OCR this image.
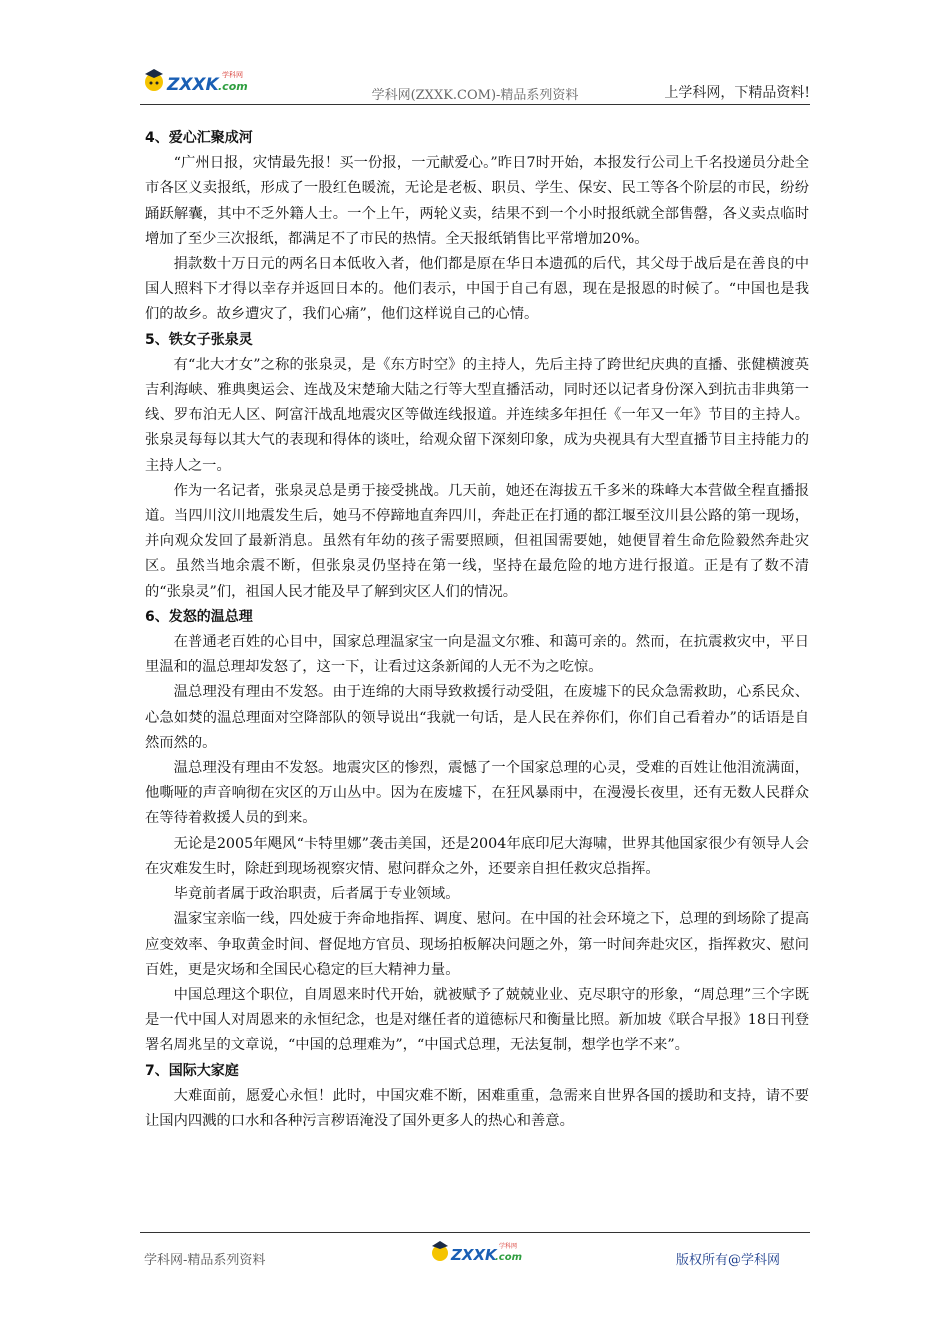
ZXXK .com
学科网
学科网(ZXXK.COM)-精品系列资料	上学科网，下精品资料!
4、爱心汇聚成河

“广州日报，灾情最先报！买一份报，一元献爱心。”昨日7时开始，本报发行公司上千名投递员分赴全市各区义卖报纸，形成了一股红色暖流，无论是老板、职员、学生、保安、民工等各个阶层的市民，纷纷踊跃解囊，其中不乏外籍人士。一个上午，两轮义卖，结果不到一个小时报纸就全部售罄，各义卖点临时增加了至少三次报纸，都满足不了市民的热情。全天报纸销售比平常增加20%。

捐款数十万日元的两名日本低收入者，他们都是原在华日本遗孤的后代，其父母于战后是在善良的中国人照料下才得以幸存并返回日本的。他们表示，中国于自己有恩，现在是报恩的时候了。“中国也是我们的故乡。故乡遭灾了，我们心痛”，他们这样说自己的心情。

5、铁女子张泉灵

有“北大才女”之称的张泉灵，是《东方时空》的主持人，先后主持了跨世纪庆典的直播、张健横渡英吉利海峡、雅典奥运会、连战及宋楚瑜大陆之行等大型直播活动，同时还以记者身份深入到抗击非典第一线、罗布泊无人区、阿富汗战乱地震灾区等做连线报道。并连续多年担任《一年又一年》节目的主持人。张泉灵每每以其大气的表现和得体的谈吐，给观众留下深刻印象，成为央视具有大型直播节目主持能力的主持人之一。

作为一名记者，张泉灵总是勇于接受挑战。几天前，她还在海拔五千多米的珠峰大本营做全程直播报道。当四川汶川地震发生后，她马不停蹄地直奔四川，奔赴正在打通的都江堰至汶川县公路的第一现场，并向观众发回了最新消息。虽然有年幼的孩子需要照顾，但祖国需要她，她便冒着生命危险毅然奔赴灾区。虽然当地余震不断，但张泉灵仍坚持在第一线，坚持在最危险的地方进行报道。正是有了数不清的“张泉灵”们，祖国人民才能及早了解到灾区人们的情况。

6、发怒的温总理

在普通老百姓的心目中，国家总理温家宝一向是温文尔雅、和蔼可亲的。然而，在抗震救灾中，平日里温和的温总理却发怒了，这一下，让看过这条新闻的人无不为之吃惊。

温总理没有理由不发怒。由于连绵的大雨导致救援行动受阻，在废墟下的民众急需救助，心系民众、心急如焚的温总理面对空降部队的领导说出“我就一句话，是人民在养你们，你们自己看着办”的话语是自然而然的。

温总理没有理由不发怒。地震灾区的惨烈，震憾了一个国家总理的心灵，受难的百姓让他泪流满面，他嘶哑的声音响彻在灾区的万山丛中。因为在废墟下，在狂风暴雨中，在漫漫长夜里，还有无数人民群众在等待着救援人员的到来。

无论是2005年飓风“卡特里娜”袭击美国，还是2004年底印尼大海啸，世界其他国家很少有领导人会在灾难发生时，除赶到现场视察灾情、慰问群众之外，还要亲自担任救灾总指挥。

毕竟前者属于政治职责，后者属于专业领域。

温家宝亲临一线，四处疲于奔命地指挥、调度、慰问。在中国的社会环境之下，总理的到场除了提高应变效率、争取黄金时间、督促地方官员、现场拍板解决问题之外，第一时间奔赴灾区，指挥救灾、慰问百姓，更是灾场和全国民心稳定的巨大精神力量。

中国总理这个职位，自周恩来时代开始，就被赋予了兢兢业业、克尽职守的形象，“周总理”三个字既是一代中国人对周恩来的永恒纪念，也是对继任者的道德标尺和衡量比照。新加坡《联合早报》18日刊登署名周兆呈的文章说，“中国的总理难为”，“中国式总理，无法复制，想学也学不来”。

7、国际大家庭

大难面前，愿爱心永恒！此时，中国灾难不断，困难重重，急需来自世界各国的援助和支持，请不要让国内四溅的口水和各种污言秽语淹没了国外更多人的热心和善意。

学科网-精品系列资料	ZXXK
.com
学科网
版权所有@学科网
